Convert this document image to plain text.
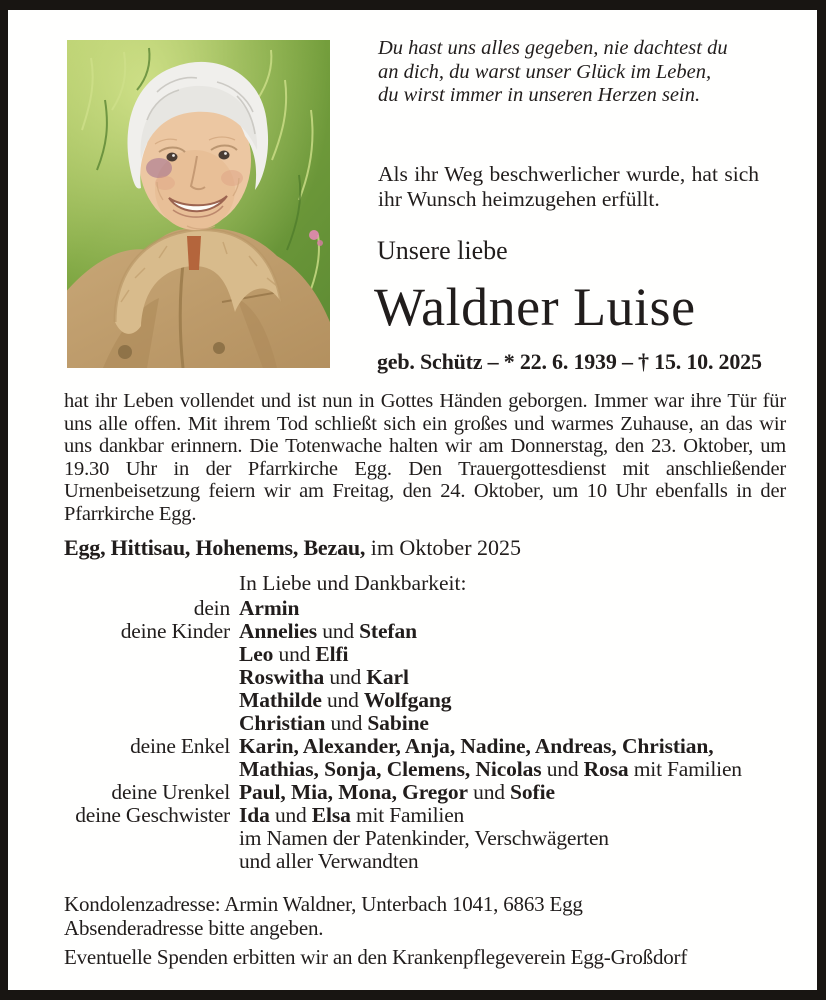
Du hast uns alles gegeben, nie dachtest du
an dich, du warst unser Glück im Leben,
du wirst immer in unseren Herzen sein.
Als ihr Weg beschwerlicher wurde, hat sich ihr Wunsch heimzugehen erfüllt.
Unsere liebe
Waldner Luise
geb. Schütz – * 22. 6. 1939 – † 15. 10. 2025
hat ihr Leben vollendet und ist nun in Gottes Händen geborgen. Immer war ihre Tür für uns alle offen. Mit ihrem Tod schließt sich ein großes und warmes Zuhause, an das wir uns dankbar erinnern. Die Totenwache halten wir am Donnerstag, den 23. Oktober, um 19.30 Uhr in der Pfarrkirche Egg. Den Trauergottesdienst mit anschließender Urnenbeisetzung feiern wir am Freitag, den 24. Oktober, um 10 Uhr ebenfalls in der Pfarrkirche Egg.
Egg, Hittisau, Hohenems, Bezau, im Oktober 2025
In Liebe und Dankbarkeit:
dein Armin
deine Kinder Annelies und Stefan
Leo und Elfi
Roswitha und Karl
Mathilde und Wolfgang
Christian und Sabine
deine Enkel Karin, Alexander, Anja, Nadine, Andreas, Christian,
Mathias, Sonja, Clemens, Nicolas und Rosa mit Familien
deine Urenkel Paul, Mia, Mona, Gregor und Sofie
deine Geschwister Ida und Elsa mit Familien
im Namen der Patenkinder, Verschwägerten
und aller Verwandten
Kondolenzadresse: Armin Waldner, Unterbach 1041, 6863 Egg
Absenderadresse bitte angeben.
Eventuelle Spenden erbitten wir an den Krankenpflegeverein Egg-Großdorf
